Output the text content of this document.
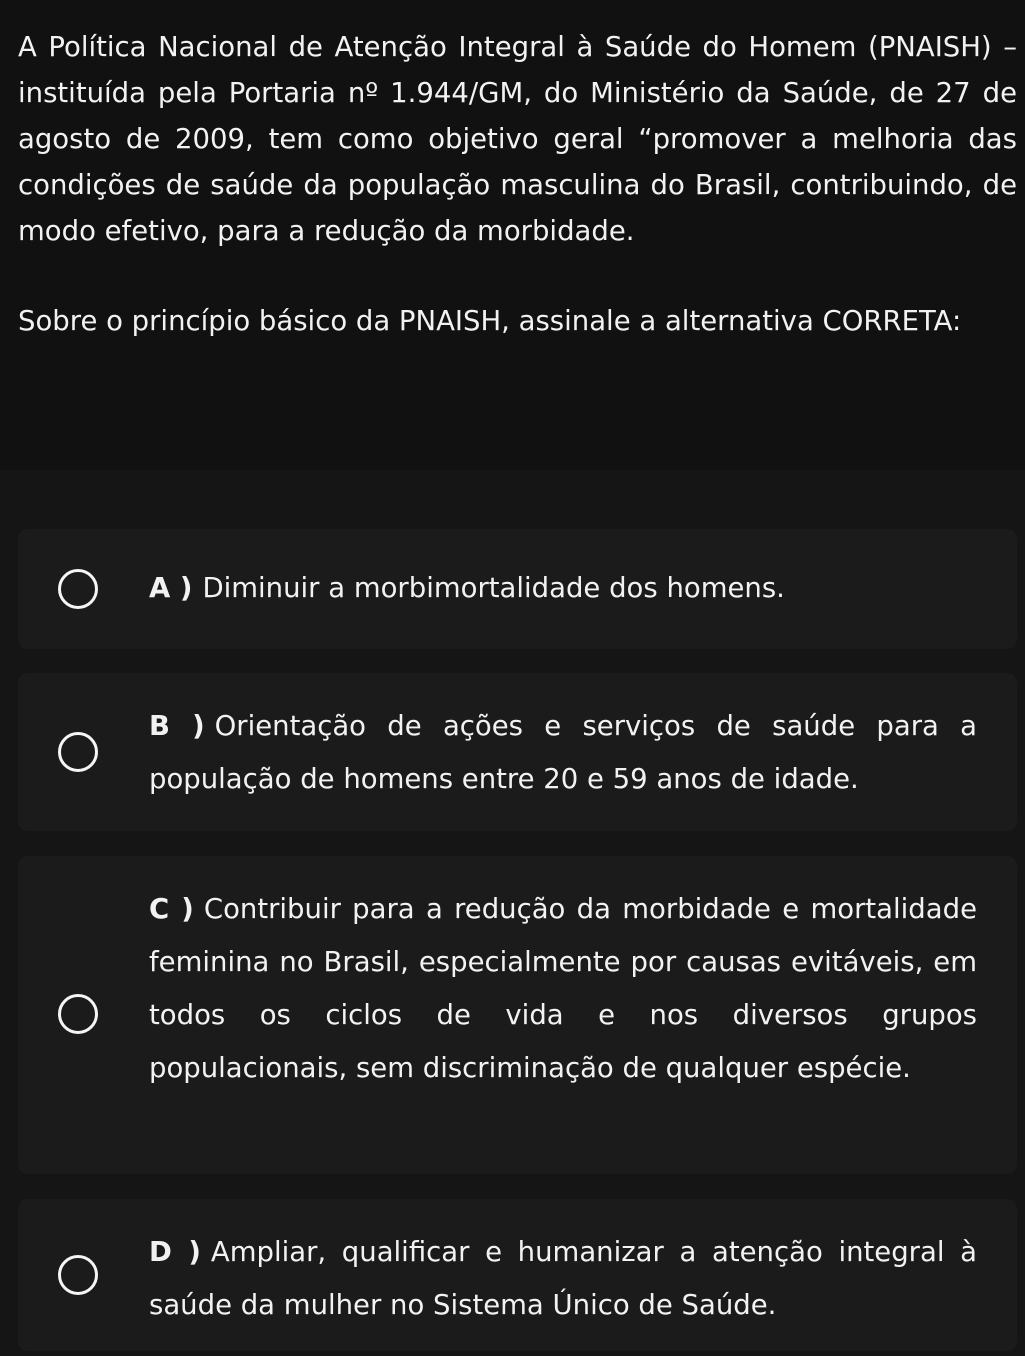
A Política Nacional de Atenção Integral à Saúde do Homem (PNAISH) – instituída pela Portaria nº 1.944/GM, do Ministério da Saúde, de 27 de agosto de 2009, tem como objetivo geral “promover a melhoria das condições de saúde da população masculina do Brasil, contribuindo, de modo efetivo, para a redução da morbidade.

Sobre o princípio básico da PNAISH, assinale a alternativa CORRETA:

A ) Diminuir a morbimortalidade dos homens.
B ) Orientação de ações e serviços de saúde para a população de homens entre 20 e 59 anos de idade.
C ) Contribuir para a redução da morbidade e mortalidade feminina no Brasil, especialmente por causas evitáveis, em todos os ciclos de vida e nos diversos grupos populacionais, sem discriminação de qualquer espécie.
D ) Ampliar, qualificar e humanizar a atenção integral à saúde da mulher no Sistema Único de Saúde.
